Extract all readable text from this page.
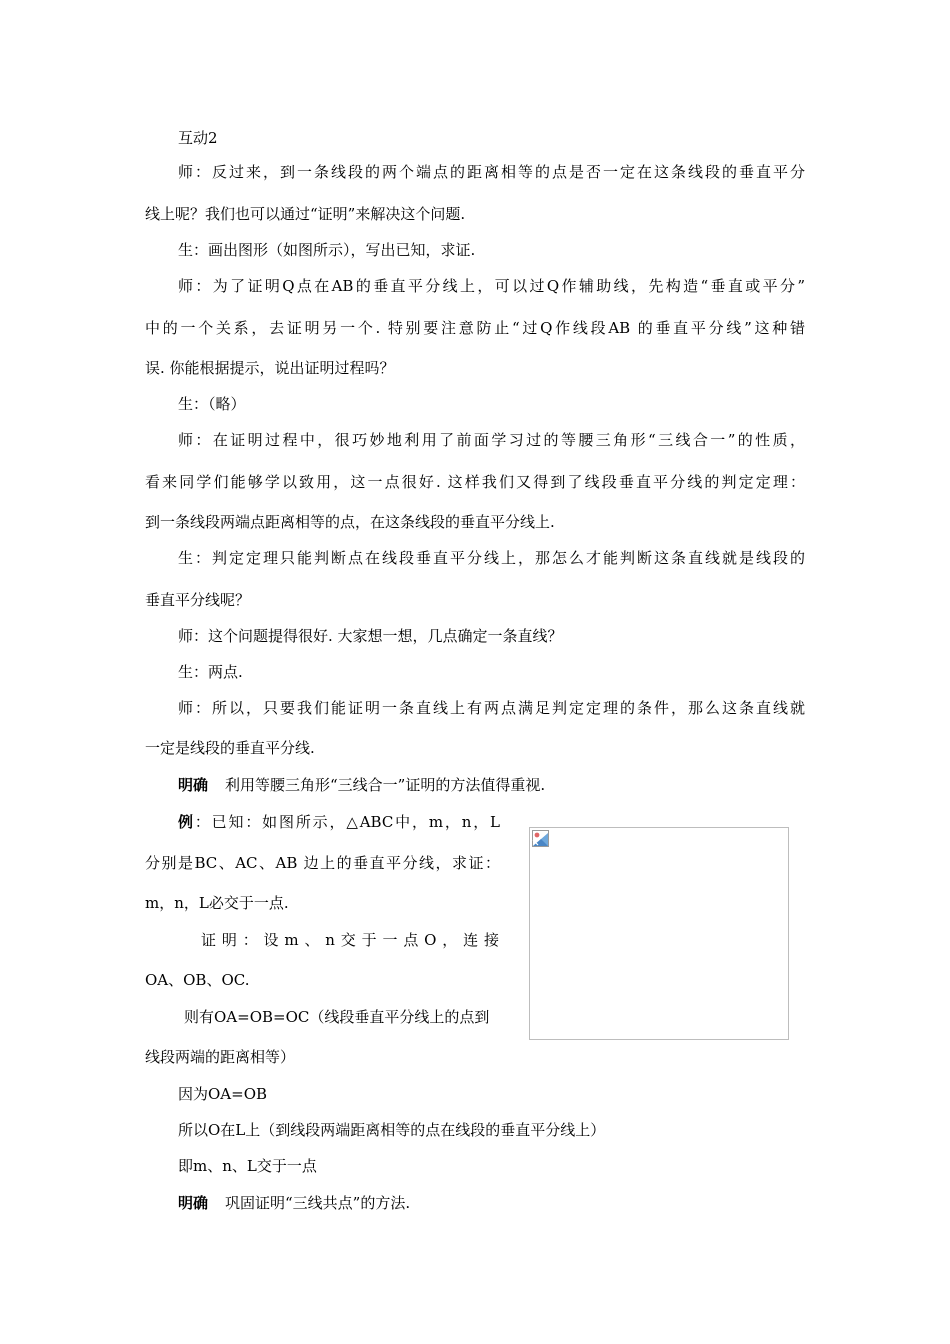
互动2
师：反过来，到一条线段的两个端点的距离相等的点是否一定在这条线段的垂直平分
线上呢？我们也可以通过“证明”来解决这个问题.
生：画出图形（如图所示），写出已知，求证.
师：为了证明Q点在AB的垂直平分线上，可以过Q作辅助线，先构造“垂直或平分”
中的一个关系，去证明另一个. 特别要注意防止“过Q作线段AB 的垂直平分线”这种错
误. 你能根据提示，说出证明过程吗？
生：（略）
师：在证明过程中，很巧妙地利用了前面学习过的等腰三角形“三线合一”的性质，
看来同学们能够学以致用，这一点很好. 这样我们又得到了线段垂直平分线的判定定理：
到一条线段两端点距离相等的点，在这条线段的垂直平分线上.
生：判定定理只能判断点在线段垂直平分线上，那怎么才能判断这条直线就是线段的
垂直平分线呢？
师：这个问题提得很好. 大家想一想，几点确定一条直线？
生：两点.
师：所以，只要我们能证明一条直线上有两点满足判定定理的条件，那么这条直线就
一定是线段的垂直平分线.
明确 利用等腰三角形“三线合一”证明的方法值得重视.
例：已知：如图所示，△ABC中，m，n，L
分别是BC、AC、AB 边上的垂直平分线，求证：
m，n，L必交于一点.
证明：设m、n交于一点O，连接
OA、OB、OC.
则有OA=OB=OC（线段垂直平分线上的点到
线段两端的距离相等）
因为OA=OB
所以O在L上（到线段两端距离相等的点在线段的垂直平分线上）
即m、n、L交于一点
明确 巩固证明“三线共点”的方法.
